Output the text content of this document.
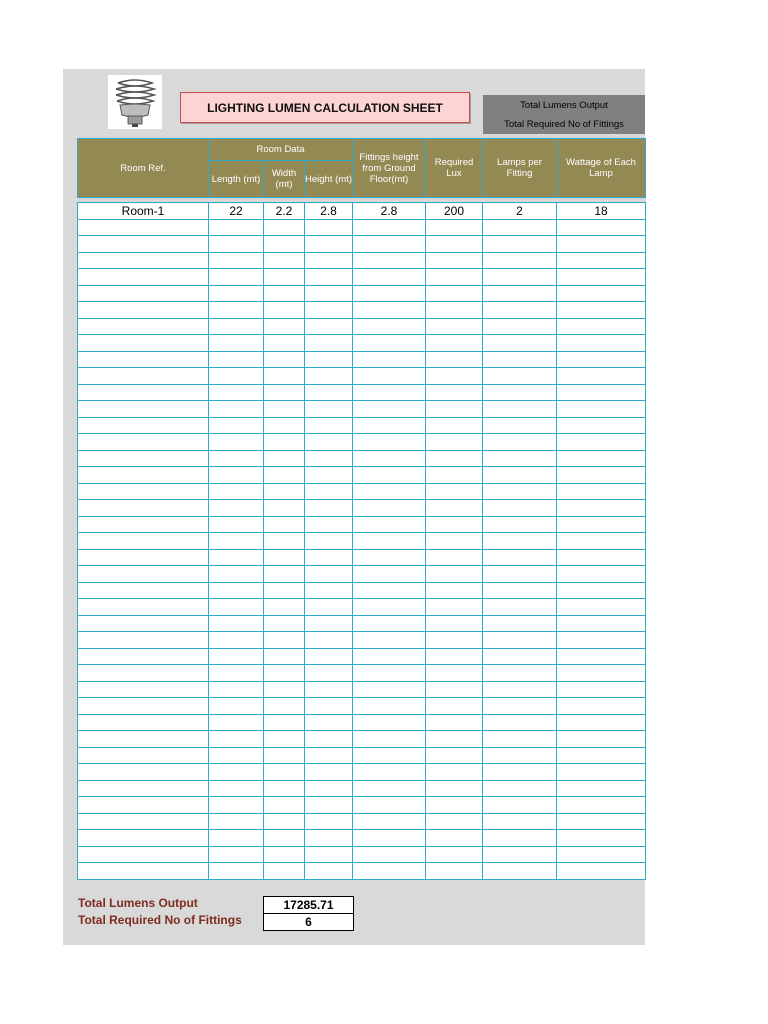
LIGHTING LUMEN CALCULATION SHEET	Total Lumens Output
Total Required No of Fittings
Room Ref.	Room Data			Fittings height from Ground Floor(mt)	Required Lux	Lamps per Fitting	Wattage of Each Lamp
	Length (mt)	Width (mt)	Height (mt)				

Room-1	22	2.2	2.8	2.8	200	2	18

Total Lumens Output	17285.71
Total Required No of Fittings	6
